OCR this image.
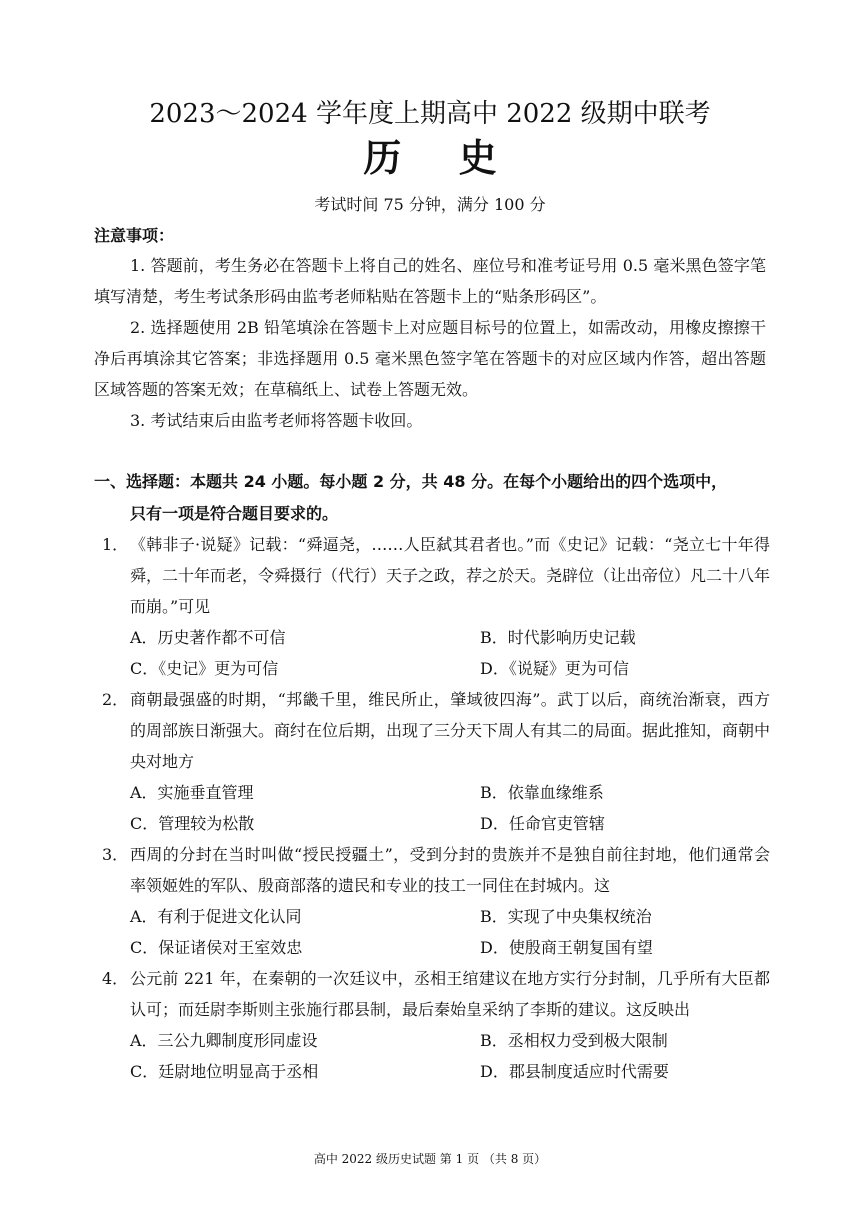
2023～2024 学年度上期高中 2022 级期中联考
历 史
考试时间 75 分钟，满分 100 分
注意事项：

1. 答题前，考生务必在答题卡上将自己的姓名、座位号和准考证号用 0.5 毫米黑色签字笔填写清楚，考生考试条形码由监考老师粘贴在答题卡上的“贴条形码区”。

2. 选择题使用 2B 铅笔填涂在答题卡上对应题目标号的位置上，如需改动，用橡皮擦擦干净后再填涂其它答案；非选择题用 0.5 毫米黑色签字笔在答题卡的对应区域内作答，超出答题区域答题的答案无效；在草稿纸上、试卷上答题无效。

3. 考试结束后由监考老师将答题卡收回。

一、选择题：本题共 24 小题。每小题 2 分，共 48 分。在每个小题给出的四个选项中，
只有一项是符合题目要求的。
1． 《韩非子·说疑》记载：“舜逼尧，……人臣弑其君者也。”而《史记》记载：“尧立七十年得舜，二十年而老，令舜摄行（代行）天子之政，荐之於天。尧辟位（让出帝位）凡二十八年而崩。”可见
A．历史著作都不可信	B．时代影响历史记载
C．《史记》更为可信	D．《说疑》更为可信
2． 商朝最强盛的时期，“邦畿千里，维民所止，肇域彼四海”。武丁以后，商统治渐衰，西方的周部族日渐强大。商纣在位后期，出现了三分天下周人有其二的局面。据此推知，商朝中央对地方
A．实施垂直管理	B．依靠血缘维系
C．管理较为松散	D．任命官吏管辖
3． 西周的分封在当时叫做“授民授疆土”，受到分封的贵族并不是独自前往封地，他们通常会率领姬姓的军队、殷商部落的遗民和专业的技工一同住在封城内。这
A．有利于促进文化认同	B．实现了中央集权统治
C．保证诸侯对王室效忠	D．使殷商王朝复国有望
4． 公元前 221 年，在秦朝的一次廷议中，丞相王绾建议在地方实行分封制，几乎所有大臣都认可；而廷尉李斯则主张施行郡县制，最后秦始皇采纳了李斯的建议。这反映出
A．三公九卿制度形同虚设	B．丞相权力受到极大限制
C．廷尉地位明显高于丞相	D．郡县制度适应时代需要
高中 2022 级历史试题 第 1 页 （共 8 页）
